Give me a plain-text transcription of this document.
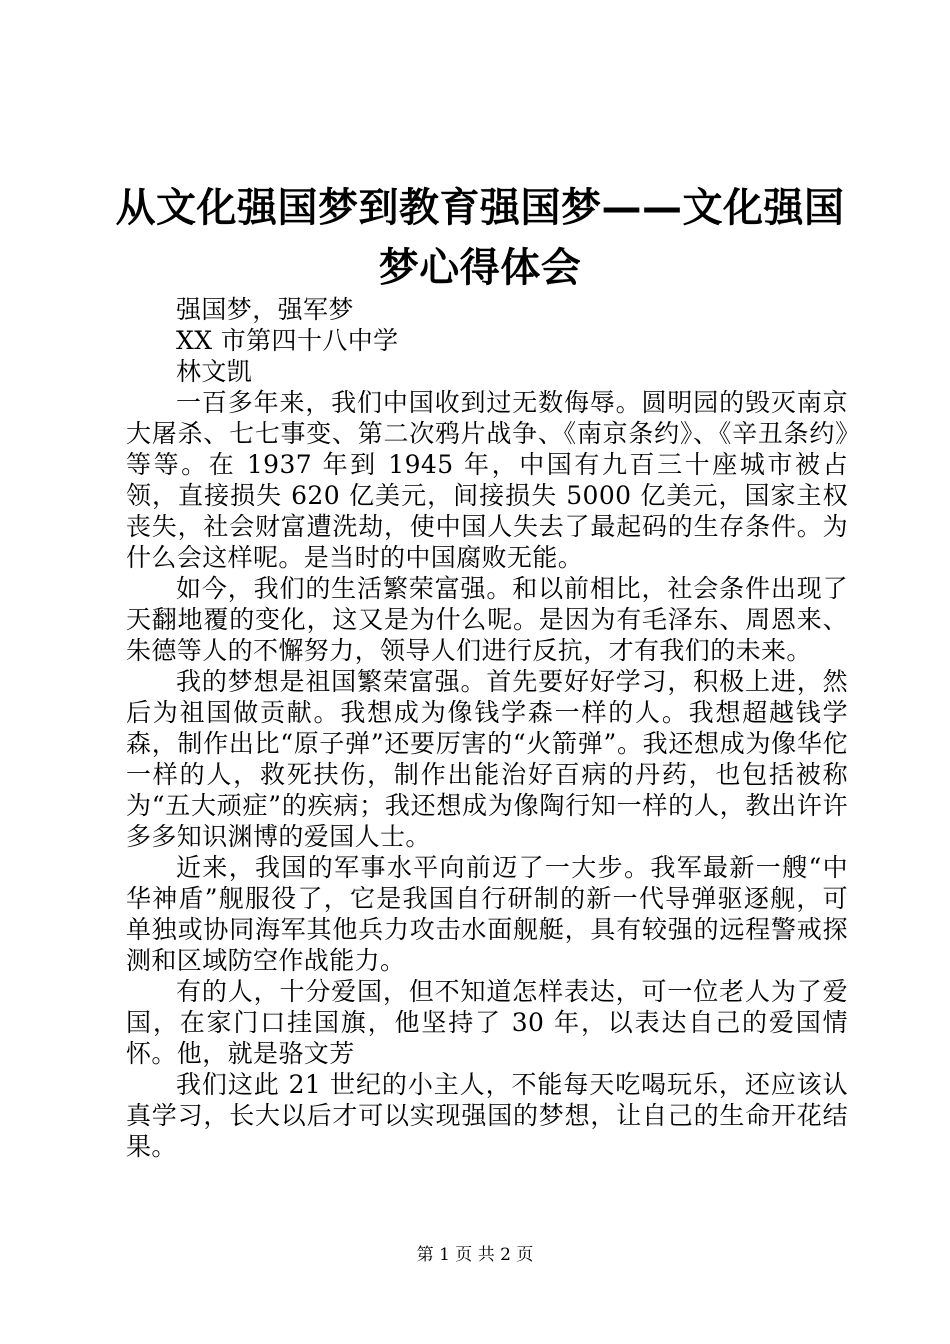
从文化强国梦到教育强国梦——文化强国梦心得体会

强国梦，强军梦

XX 市第四十八中学

林文凯

一百多年来，我们中国收到过无数侮辱。圆明园的毁灭南京大屠杀、七七事变、第二次鸦片战争、《南京条约》、《辛丑条约》等等。在 1937 年到 1945 年，中国有九百三十座城市被占领，直接损失 620 亿美元，间接损失 5000 亿美元，国家主权丧失，社会财富遭洗劫，使中国人失去了最起码的生存条件。为什么会这样呢。是当时的中国腐败无能。

如今，我们的生活繁荣富强。和以前相比，社会条件出现了天翻地覆的变化，这又是为什么呢。是因为有毛泽东、周恩来、朱德等人的不懈努力，领导人们进行反抗，才有我们的未来。

我的梦想是祖国繁荣富强。首先要好好学习，积极上进，然后为祖国做贡献。我想成为像钱学森一样的人。我想超越钱学森，制作出比“原子弹”还要厉害的“火箭弹”。我还想成为像华佗一样的人，救死扶伤，制作出能治好百病的丹药，也包括被称为“五大顽症”的疾病；我还想成为像陶行知一样的人，教出许许多多知识渊博的爱国人士。

近来，我国的军事水平向前迈了一大步。我军最新一艘“中华神盾”舰服役了，它是我国自行研制的新一代导弹驱逐舰，可单独或协同海军其他兵力攻击水面舰艇，具有较强的远程警戒探测和区域防空作战能力。

有的人，十分爱国，但不知道怎样表达，可一位老人为了爱国，在家门口挂国旗，他坚持了 30 年，以表达自己的爱国情怀。他，就是骆文芳

我们这此 21 世纪的小主人，不能每天吃喝玩乐，还应该认真学习，长大以后才可以实现强国的梦想，让自己的生命开花结果。

第 1 页 共 2 页
